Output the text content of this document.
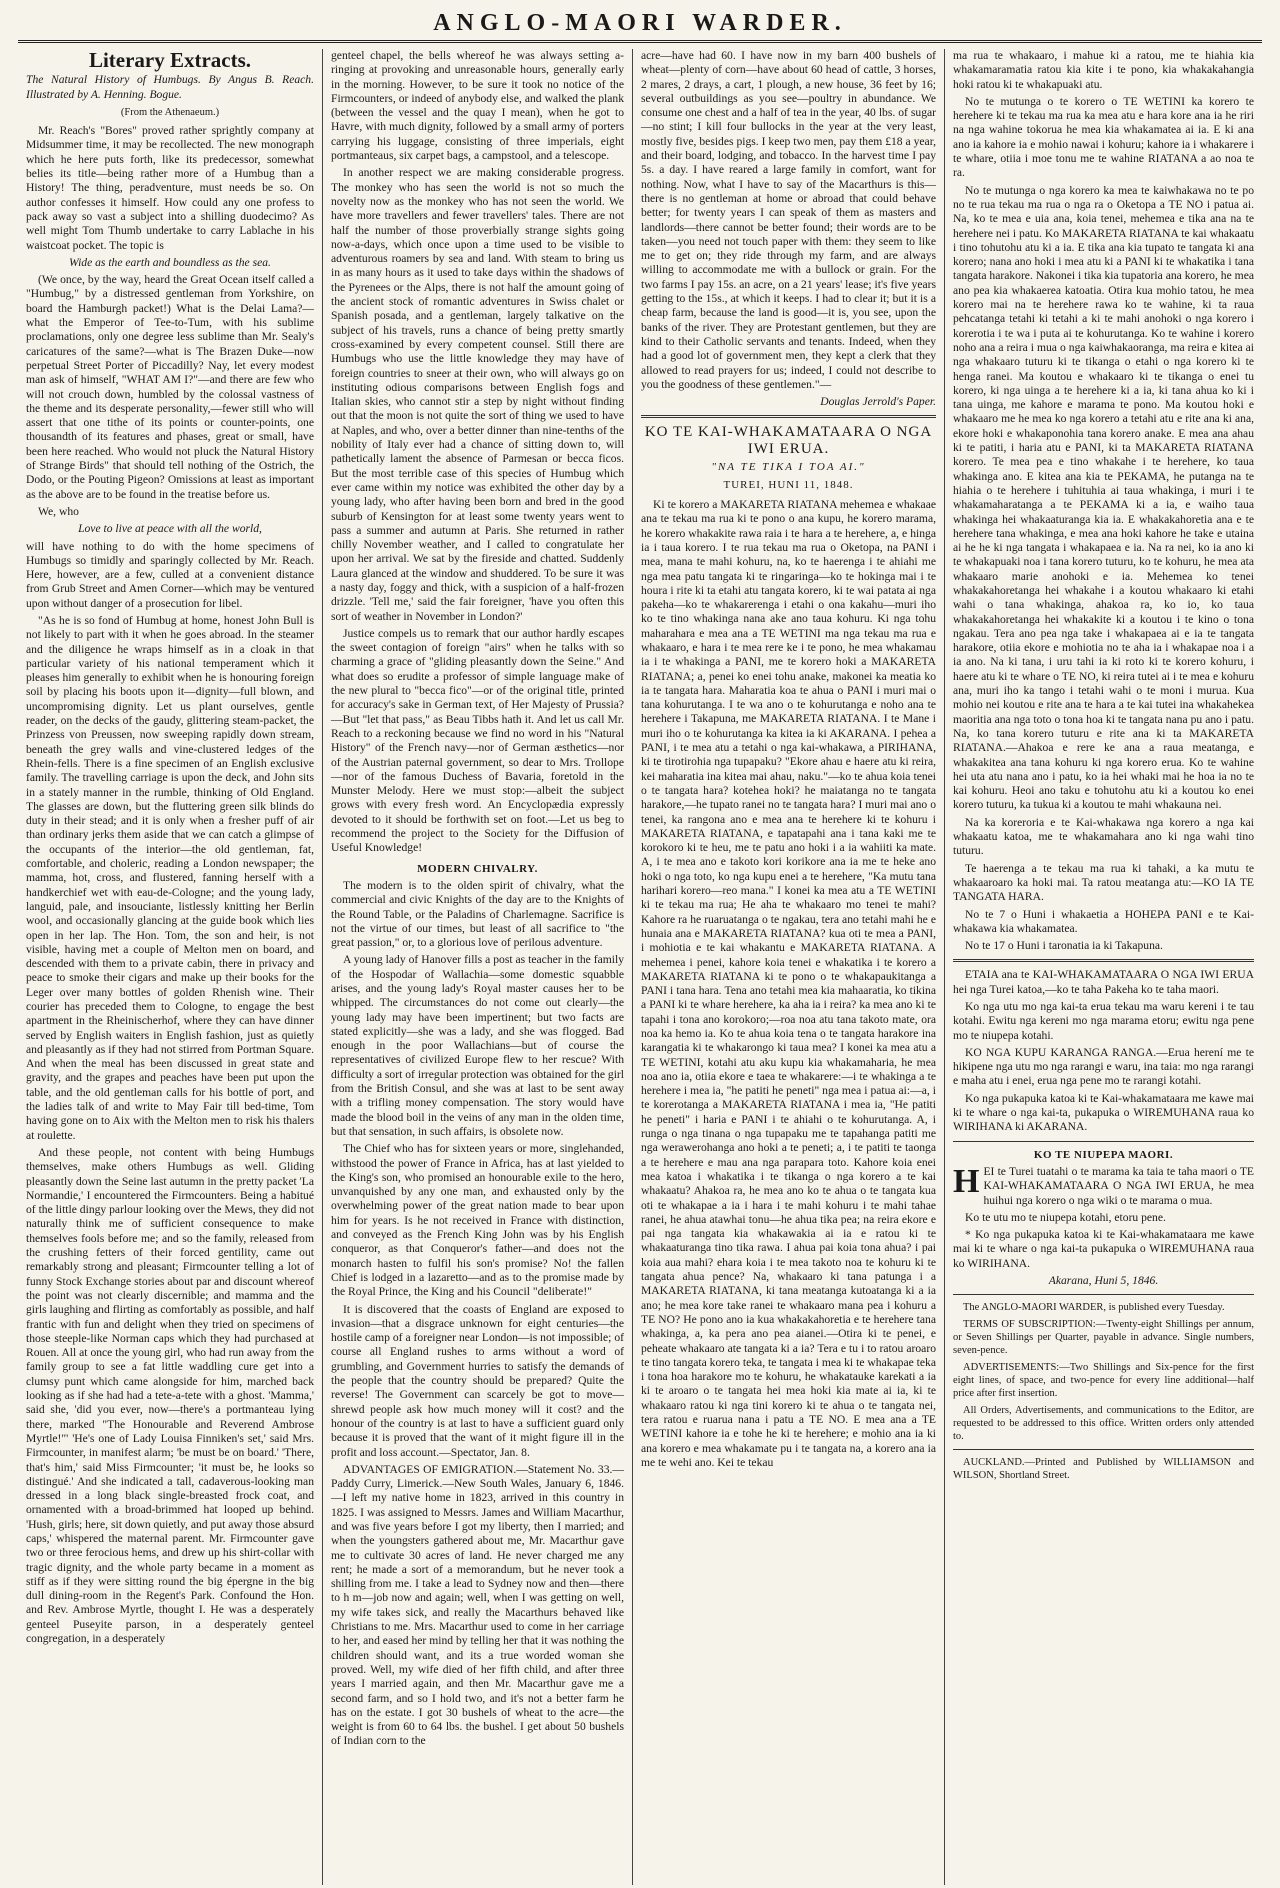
ANGLO-MAORI WARDER.
Literary Extracts.

The Natural History of Humbugs. By Angus B. Reach. Illustrated by A. Henning. Bogue.

(From the Athenaeum.)

Mr. Reach's "Bores" proved rather sprightly company at Midsummer time, it may be recollected. The new monograph which he here puts forth, like its predecessor, somewhat belies its title—being rather more of a Humbug than a History! The thing, peradventure, must needs be so. On author confesses it himself. How could any one profess to pack away so vast a subject into a shilling duodecimo? As well might Tom Thumb undertake to carry Lablache in his waistcoat pocket. The topic is

Wide as the earth and boundless as the sea.

(We once, by the way, heard the Great Ocean itself called a "Humbug," by a distressed gentleman from Yorkshire, on board the Hamburgh packet!) What is the Delai Lama?—what the Emperor of Tee-to-Tum, with his sublime proclamations, only one degree less sublime than Mr. Sealy's caricatures of the same?—what is The Brazen Duke—now perpetual Street Porter of Piccadilly? Nay, let every modest man ask of himself, "WHAT AM I?"—and there are few who will not crouch down, humbled by the colossal vastness of the theme and its desperate personality,—fewer still who will assert that one tithe of its points or counter-points, one thousandth of its features and phases, great or small, have been here reached. Who would not pluck the Natural History of Strange Birds" that should tell nothing of the Ostrich, the Dodo, or the Pouting Pigeon? Omissions at least as important as the above are to be found in the treatise before us.

We, who

Love to live at peace with all the world,

will have nothing to do with the home specimens of Humbugs so timidly and sparingly collected by Mr. Reach. Here, however, are a few, culled at a convenient distance from Grub Street and Amen Corner—which may be ventured upon without danger of a prosecution for libel.

"As he is so fond of Humbug at home, honest John Bull is not likely to part with it when he goes abroad. In the steamer and the diligence he wraps himself as in a cloak in that particular variety of his national temperament which it pleases him generally to exhibit when he is honouring foreign soil by placing his boots upon it—dignity—full blown, and uncompromising dignity. Let us plant ourselves, gentle reader, on the decks of the gaudy, glittering steam-packet, the Prinzess von Preussen, now sweeping rapidly down stream, beneath the grey walls and vine-clustered ledges of the Rhein-fells. There is a fine specimen of an English exclusive family. The travelling carriage is upon the deck, and John sits in a stately manner in the rumble, thinking of Old England. The glasses are down, but the fluttering green silk blinds do duty in their stead; and it is only when a fresher puff of air than ordinary jerks them aside that we can catch a glimpse of the occupants of the interior—the old gentleman, fat, comfortable, and choleric, reading a London newspaper; the mamma, hot, cross, and flustered, fanning herself with a handkerchief wet with eau-de-Cologne; and the young lady, languid, pale, and insouciante, listlessly knitting her Berlin wool, and occasionally glancing at the guide book which lies open in her lap. The Hon. Tom, the son and heir, is not visible, having met a couple of Melton men on board, and descended with them to a private cabin, there in privacy and peace to smoke their cigars and make up their books for the Leger over many bottles of golden Rhenish wine. Their courier has preceded them to Cologne, to engage the best apartment in the Rheinischerhof, where they can have dinner served by English waiters in English fashion, just as quietly and pleasantly as if they had not stirred from Portman Square. And when the meal has been discussed in great state and gravity, and the grapes and peaches have been put upon the table, and the old gentleman calls for his bottle of port, and the ladies talk of and write to May Fair till bed-time, Tom having gone on to Aix with the Melton men to risk his thalers at roulette.

And these people, not content with being Humbugs themselves, make others Humbugs as well. Gliding pleasantly down the Seine last autumn in the pretty packet 'La Normandie,' I encountered the Firmcounters. Being a habitué of the little dingy parlour looking over the Mews, they did not naturally think me of sufficient consequence to make themselves fools before me; and so the family, released from the crushing fetters of their forced gentility, came out remarkably strong and pleasant; Firmcounter telling a lot of funny Stock Exchange stories about par and discount whereof the point was not clearly discernible; and mamma and the girls laughing and flirting as comfortably as possible, and half frantic with fun and delight when they tried on specimens of those steeple-like Norman caps which they had purchased at Rouen. All at once the young girl, who had run away from the family group to see a fat little waddling cure get into a clumsy punt which came alongside for him, marched back looking as if she had had a tete-a-tete with a ghost. 'Mamma,' said she, 'did you ever, now—there's a portmanteau lying there, marked "The Honourable and Reverend Ambrose Myrtle!"' 'He's one of Lady Louisa Finniken's set,' said Mrs. Firmcounter, in manifest alarm; 'be must be on board.' 'There, that's him,' said Miss Firmcounter; 'it must be, he looks so distingué.' And she indicated a tall, cadaverous-looking man dressed in a long black single-breasted frock coat, and ornamented with a broad-brimmed hat looped up behind. 'Hush, girls; here, sit down quietly, and put away those absurd caps,' whispered the maternal parent. Mr. Firmcounter gave two or three ferocious hems, and drew up his shirt-collar with tragic dignity, and the whole party became in a moment as stiff as if they were sitting round the big épergne in the big dull dining-room in the Regent's Park. Confound the Hon. and Rev. Ambrose Myrtle, thought I. He was a desperately genteel Puseyite parson, in a desperately genteel congregation, in a desperately

genteel chapel, the bells whereof he was always setting a-ringing at provoking and unreasonable hours, generally early in the morning. However, to be sure it took no notice of the Firmcounters, or indeed of anybody else, and walked the plank (between the vessel and the quay I mean), when he got to Havre, with much dignity, followed by a small army of porters carrying his luggage, consisting of three imperials, eight portmanteaus, six carpet bags, a campstool, and a telescope.

In another respect we are making considerable progress. The monkey who has seen the world is not so much the novelty now as the monkey who has not seen the world. We have more travellers and fewer travellers' tales. There are not half the number of those proverbially strange sights going now-a-days, which once upon a time used to be visible to adventurous roamers by sea and land. With steam to bring us in as many hours as it used to take days within the shadows of the Pyrenees or the Alps, there is not half the amount going of the ancient stock of romantic adventures in Swiss chalet or Spanish posada, and a gentleman, largely talkative on the subject of his travels, runs a chance of being pretty smartly cross-examined by every competent counsel. Still there are Humbugs who use the little knowledge they may have of foreign countries to sneer at their own, who will always go on instituting odious comparisons between English fogs and Italian skies, who cannot stir a step by night without finding out that the moon is not quite the sort of thing we used to have at Naples, and who, over a better dinner than nine-tenths of the nobility of Italy ever had a chance of sitting down to, will pathetically lament the absence of Parmesan or becca ficos. But the most terrible case of this species of Humbug which ever came within my notice was exhibited the other day by a young lady, who after having been born and bred in the good suburb of Kensington for at least some twenty years went to pass a summer and autumn at Paris. She returned in rather chilly November weather, and I called to congratulate her upon her arrival. We sat by the fireside and chatted. Suddenly Laura glanced at the window and shuddered. To be sure it was a nasty day, foggy and thick, with a suspicion of a half-frozen drizzle. 'Tell me,' said the fair foreigner, 'have you often this sort of weather in November in London?'

Justice compels us to remark that our author hardly escapes the sweet contagion of foreign "airs" when he talks with so charming a grace of "gliding pleasantly down the Seine." And what does so erudite a professor of simple language make of the new plural to "becca fico"—or of the original title, printed for accuracy's sake in German text, of Her Majesty of Prussia?—But "let that pass," as Beau Tibbs hath it. And let us call Mr. Reach to a reckoning because we find no word in his "Natural History" of the French navy—nor of German æsthetics—nor of the Austrian paternal government, so dear to Mrs. Trollope—nor of the famous Duchess of Bavaria, foretold in the Munster Melody. Here we must stop:—albeit the subject grows with every fresh word. An Encyclopædia expressly devoted to it should be forthwith set on foot.—Let us beg to recommend the project to the Society for the Diffusion of Useful Knowledge!

MODERN CHIVALRY.

The modern is to the olden spirit of chivalry, what the commercial and civic Knights of the day are to the Knights of the Round Table, or the Paladins of Charlemagne. Sacrifice is not the virtue of our times, but least of all sacrifice to "the great passion," or, to a glorious love of perilous adventure.

A young lady of Hanover fills a post as teacher in the family of the Hospodar of Wallachia—some domestic squabble arises, and the young lady's Royal master causes her to be whipped. The circumstances do not come out clearly—the young lady may have been impertinent; but two facts are stated explicitly—she was a lady, and she was flogged. Bad enough in the poor Wallachians—but of course the representatives of civilized Europe flew to her rescue? With difficulty a sort of irregular protection was obtained for the girl from the British Consul, and she was at last to be sent away with a trifling money compensation. The story would have made the blood boil in the veins of any man in the olden time, but that sensation, in such affairs, is obsolete now.

The Chief who has for sixteen years or more, singlehanded, withstood the power of France in Africa, has at last yielded to the King's son, who promised an honourable exile to the hero, unvanquished by any one man, and exhausted only by the overwhelming power of the great nation made to bear upon him for years. Is he not received in France with distinction, and conveyed as the French King John was by his English conqueror, as that Conqueror's father—and does not the monarch hasten to fulfil his son's promise? No! the fallen Chief is lodged in a lazaretto—and as to the promise made by the Royal Prince, the King and his Council "deliberate!"

It is discovered that the coasts of England are exposed to invasion—that a disgrace unknown for eight centuries—the hostile camp of a foreigner near London—is not impossible; of course all England rushes to arms without a word of grumbling, and Government hurries to satisfy the demands of the people that the country should be prepared? Quite the reverse! The Government can scarcely be got to move—shrewd people ask how much money will it cost? and the honour of the country is at last to have a sufficient guard only because it is proved that the want of it might figure ill in the profit and loss account.—Spectator, Jan. 8.

ADVANTAGES OF EMIGRATION.—Statement No. 33.—Paddy Curry, Limerick.—New South Wales, January 6, 1846.—I left my native home in 1823, arrived in this country in 1825. I was assigned to Messrs. James and William Macarthur, and was five years before I got my liberty, then I married; and when the youngsters gathered about me, Mr. Macarthur gave me to cultivate 30 acres of land. He never charged me any rent; he made a sort of a memorandum, but he never took a shilling from me. I take a lead to Sydney now and then—there to h m—job now and again; well, when I was getting on well, my wife takes sick, and really the Macarthurs behaved like Christians to me. Mrs. Macarthur used to come in her carriage to her, and eased her mind by telling her that it was nothing the children should want, and its a true worded woman she proved. Well, my wife died of her fifth child, and after three years I married again, and then Mr. Macarthur gave me a second farm, and so I hold two, and it's not a better farm he has on the estate. I got 30 bushels of wheat to the acre—the weight is from 60 to 64 lbs. the bushel. I get about 50 bushels of Indian corn to the

acre—have had 60. I have now in my barn 400 bushels of wheat—plenty of corn—have about 60 head of cattle, 3 horses, 2 mares, 2 drays, a cart, 1 plough, a new house, 36 feet by 16; several outbuildings as you see—poultry in abundance. We consume one chest and a half of tea in the year, 40 lbs. of sugar—no stint; I kill four bullocks in the year at the very least, mostly five, besides pigs. I keep two men, pay them £18 a year, and their board, lodging, and tobacco. In the harvest time I pay 5s. a day. I have reared a large family in comfort, want for nothing. Now, what I have to say of the Macarthurs is this—there is no gentleman at home or abroad that could behave better; for twenty years I can speak of them as masters and landlords—there cannot be better found; their words are to be taken—you need not touch paper with them: they seem to like me to get on; they ride through my farm, and are always willing to accommodate me with a bullock or grain. For the two farms I pay 15s. an acre, on a 21 years' lease; it's five years getting to the 15s., at which it keeps. I had to clear it; but it is a cheap farm, because the land is good—it is, you see, upon the banks of the river. They are Protestant gentlemen, but they are kind to their Catholic servants and tenants. Indeed, when they had a good lot of government men, they kept a clerk that they allowed to read prayers for us; indeed, I could not describe to you the goodness of these gentlemen."—

Douglas Jerrold's Paper.
KO TE KAI-WHAKAMATAARA O NGA IWI ERUA.
"NA TE TIKA I TOA AI."
TUREI, HUNI 11, 1848.

Ki te korero a MAKARETA RIATANA mehemea e whakaae ana te tekau ma rua ki te pono o ana kupu, he korero marama, he korero whakakite rawa raia i te hara a te herehere, a, e hinga ia i taua korero. I te rua tekau ma rua o Oketopa, na PANI i mea, mana te mahi kohuru, na, ko te haerenga i te ahiahi me nga mea patu tangata ki te ringaringa—ko te hokinga mai i te houra i rite ki ta etahi atu tangata korero, ki te wai patata ai nga pakeha—ko te whakarerenga i etahi o ona kakahu—muri iho ko te tino whakinga nana ake ano taua kohuru. Ki nga tohu maharahara e mea ana a TE WETINI ma nga tekau ma rua e whakaaro, e hara i te mea rere ke i te pono, he mea whakamau ia i te whakinga a PANI, me te korero hoki a MAKARETA RIATANA; a, penei ko enei tohu anake, makonei ka meatia ko ia te tangata hara. Maharatia koa te ahua o PANI i muri mai o tana kohurutanga. I te wa ano o te kohurutanga e noho ana te herehere i Takapuna, me MAKARETA RIATANA. I te Mane i muri iho o te kohurutanga ka kitea ia ki AKARANA. I pehea a PANI, i te mea atu a tetahi o nga kai-whakawa, a PIRIHANA, ki te tirotirohia nga tupapaku? "Ekore ahau e haere atu ki reira, kei maharatia ina kitea mai ahau, naku."—ko te ahua koia tenei o te tangata hara? kotehea hoki? he maiatanga no te tangata harakore,—he tupato ranei no te tangata hara? I muri mai ano o tenei, ka rangona ano e mea ana te herehere ki te kohuru i MAKARETA RIATANA, e tapatapahi ana i tana kaki me te korokoro ki te heu, me te patu ano hoki i a ia wahiiti ka mate. A, i te mea ano e takoto kori korikore ana ia me te heke ano hoki o nga toto, ko nga kupu enei a te herehere, "Ka mutu tana harihari korero—reo mana." I konei ka mea atu a TE WETINI ki te tekau ma rua; He aha te whakaaro mo tenei te mahi? Kahore ra he ruaruatanga o te ngakau, tera ano tetahi mahi he e hunaia ana e MAKARETA RIATANA? kua oti te mea a PANI, i mohiotia e te kai whakantu e MAKARETA RIATANA. A mehemea i penei, kahore koia tenei e whakatika i te korero a MAKARETA RIATANA ki te pono o te whakapaukitanga a PANI i tana hara. Tena ano tetahi mea kia mahaaratia, ko tikina a PANI ki te whare herehere, ka aha ia i reira? ka mea ano ki te tapahi i tona ano korokoro;—roa noa atu tana takoto mate, ora noa ka hemo ia. Ko te ahua koia tena o te tangata harakore ina karangatia ki te whakarongo ki taua mea? I konei ka mea atu a TE WETINI, kotahi atu aku kupu kia whakamaharia, he mea noa ano ia, otiia ekore e taea te whakarere:—i te whakinga a te herehere i mea ia, "he patiti he peneti" nga mea i patua ai:—a, i te korerotanga a MAKARETA RIATANA i mea ia, "He patiti he peneti" i haria e PANI i te ahiahi o te kohurutanga. A, i runga o nga tinana o nga tupapaku me te tapahanga patiti me nga werawerohanga ano hoki a te peneti; a, i te patiti te taonga a te herehere e mau ana nga parapara toto. Kahore koia enei mea katoa i whakatika i te tikanga o nga korero a te kai whakaatu? Ahakoa ra, he mea ano ko te ahua o te tangata kua oti te whakapae a ia i hara i te mahi kohuru i te mahi tahae ranei, he ahua atawhai tonu—he ahua tika pea; na reira ekore e pai nga tangata kia whakawakia ai ia e ratou ki te whakaaturanga tino tika rawa. I ahua pai koia tona ahua? i pai koia aua mahi? ehara koia i te mea takoto noa te kohuru ki te tangata ahua pence? Na, whakaaro ki tana patunga i a MAKARETA RIATANA, ki tana meatanga kutoatanga ki a ia ano; he mea kore take ranei te whakaaro mana pea i kohuru a TE NO? He pono ano ia kua whakakahoretia e te herehere tana whakinga, a, ka pera ano pea aianei.—Otira ki te penei, e peheate whakaaro ate tangata ki a ia? Tera e tu i to ratou aroaro te tino tangata korero teka, te tangata i mea ki te whakapae teka i tona hoa harakore mo te kohuru, he whakatauke karekati a ia ki te aroaro o te tangata hei mea hoki kia mate ai ia, ki te whakaaro ratou ki nga tini korero ki te ahua o te tangata nei, tera ratou e ruarua nana i patu a TE NO. E mea ana a TE WETINI kahore ia e tohe he ki te herehere; e mohio ana ia ki ana korero e mea whakamate pu i te tangata na, a korero ana ia me te wehi ano. Kei te tekau

ma rua te whakaaro, i mahue ki a ratou, me te hiahia kia whakamaramatia ratou kia kite i te pono, kia whakakahangia hoki ratou ki te whakapuaki atu.

No te mutunga o te korero o TE WETINI ka korero te herehere ki te tekau ma rua ka mea atu e hara kore ana ia he riri na nga wahine tokorua he mea kia whakamatea ai ia. E ki ana ano ia kahore ia e mohio nawai i kohuru; kahore ia i whakarere i te whare, otiia i moe tonu me te wahine RIATANA a ao noa te ra.

No te mutunga o nga korero ka mea te kaiwhakawa no te po no te rua tekau ma rua o nga ra o Oketopa a TE NO i patua ai. Na, ko te mea e uia ana, koia tenei, mehemea e tika ana na te herehere nei i patu. Ko MAKARETA RIATANA te kai whakaatu i tino tohutohu atu ki a ia. E tika ana kia tupato te tangata ki ana korero; nana ano hoki i mea atu ki a PANI ki te whakatika i tana tangata harakore. Nakonei i tika kia tupatoria ana korero, he mea ano pea kia whakaerea katoatia. Otira kua mohio tatou, he mea korero mai na te herehere rawa ko te wahine, ki ta raua pehcatanga tetahi ki tetahi a ki te mahi anohoki o nga korero i korerotia i te wa i puta ai te kohurutanga. Ko te wahine i korero noho ana a reira i mua o nga kaiwhakaoranga, ma reira e kitea ai nga whakaaro tuturu ki te tikanga o etahi o nga korero ki te henga ranei. Ma koutou e whakaaro ki te tikanga o enei tu korero, ki nga uinga a te herehere ki a ia, ki tana ahua ko ki i tana uinga, me kahore e marama te pono. Ma koutou hoki e whakaaro me he mea ko nga korero a tetahi atu e rite ana ki ana, ekore hoki e whakaponohia tana korero anake. E mea ana ahau ki te patiti, i haria atu e PANI, ki ta MAKARETA RIATANA korero. Te mea pea e tino whakahe i te herehere, ko taua whakinga ano. E kitea ana kia te PEKAMA, he putanga na te hiahia o te herehere i tuhituhia ai taua whakinga, i muri i te whakamaharatanga a te PEKAMA ki a ia, e waiho taua whakinga hei whakaaturanga kia ia. E whakakahoretia ana e te herehere tana whakinga, e mea ana hoki kahore he take e utaina ai he he ki nga tangata i whakapaea e ia. Na ra nei, ko ia ano ki te whakapuaki noa i tana korero tuturu, ko te kohuru, he mea ata whakaaro marie anohoki e ia. Mehemea ko tenei whakakahoretanga hei whakahe i a koutou whakaaro ki etahi wahi o tana whakinga, ahakoa ra, ko io, ko taua whakakahoretanga hei whakakite ki a koutou i te kino o tona ngakau. Tera ano pea nga take i whakapaea ai e ia te tangata harakore, otiia ekore e mohiotia no te aha ia i whakapae noa i a ia ano. Na ki tana, i uru tahi ia ki roto ki te korero kohuru, i haere atu ki te whare o TE NO, ki reira tutei ai i te mea e kohuru ana, muri iho ka tango i tetahi wahi o te moni i murua. Kua mohio nei koutou e rite ana te hara a te kai tutei ina whakahekea maoritia ana nga toto o tona hoa ki te tangata nana pu ano i patu. Na, ko tana korero tuturu e rite ana ki ta MAKARETA RIATANA.—Ahakoa e rere ke ana a raua meatanga, e whakakitea ana tana kohuru ki nga korero erua. Ko te wahine hei uta atu nana ano i patu, ko ia hei whaki mai he hoa ia no te kai kohuru. Heoi ano taku e tohutohu atu ki a koutou ko enei korero tuturu, ka tukua ki a koutou te mahi whakauna nei.

Na ka koreroria e te Kai-whakawa nga korero a nga kai whakaatu katoa, me te whakamahara ano ki nga wahi tino tuturu.

Te haerenga a te tekau ma rua ki tahaki, a ka mutu te whakaaroaro ka hoki mai. Ta ratou meatanga atu:—KO IA TE TANGATA HARA.

No te 7 o Huni i whakaetia a HOHEPA PANI e te Kai-whakawa kia whakamatea.

No te 17 o Huni i taronatia ia ki Takapuna.

ETAIA ana te KAI-WHAKAMATAARA O NGA IWI ERUA hei nga Turei katoa,—ko te taha Pakeha ko te taha maori.

Ko nga utu mo nga kai-ta erua tekau ma waru kereni i te tau kotahi. Ewitu nga kereni mo nga marama etoru; ewitu nga pene mo te niupepa kotahi.

KO NGA KUPU KARANGA RANGA.—Erua herení me te hikipene nga utu mo nga rarangi e waru, ina taia: mo nga rarangi e maha atu i enei, erua nga pene mo te rarangi kotahi.

Ko nga pukapuka katoa ki te Kai-whakamataara me kawe mai ki te whare o nga kai-ta, pukapuka o WIREMUHANA raua ko WIRIHANA ki AKARANA.

KO TE NIUPEPA MAORI.

HEI te Turei tuatahi o te marama ka taia te taha maori o TE KAI-WHAKAMATAARA O NGA IWI ERUA, he mea huihui nga korero o nga wiki o te marama o mua.

Ko te utu mo te niupepa kotahi, etoru pene.

* Ko nga pukapuka katoa ki te Kai-whakamataara me kawe mai ki te whare o nga kai-ta pukapuka o WIREMUHANA raua ko WIRIHANA.

Akarana, Huni 5, 1846.

The ANGLO-MAORI WARDER, is published every Tuesday.

TERMS OF SUBSCRIPTION:—Twenty-eight Shillings per annum, or Seven Shillings per Quarter, payable in advance. Single numbers, seven-pence.

ADVERTISEMENTS:—Two Shillings and Six-pence for the first eight lines, of space, and two-pence for every line additional—half price after first insertion.

All Orders, Advertisements, and communications to the Editor, are requested to be addressed to this office. Written orders only attended to.

AUCKLAND.—Printed and Published by WILLIAMSON and WILSON, Shortland Street.
